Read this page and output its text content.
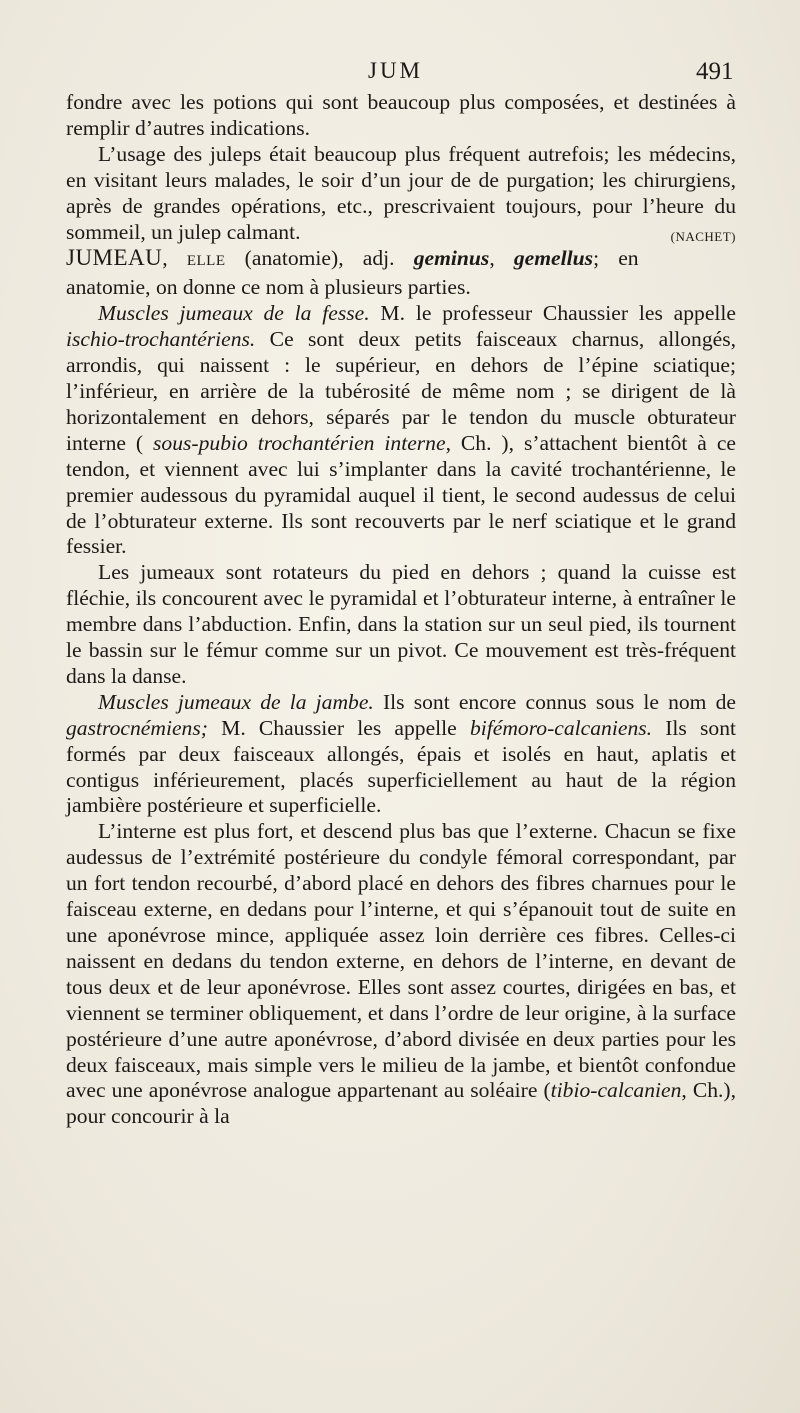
JUM	491

fondre avec les potions qui sont beaucoup plus composées, et destinées à remplir d’autres indications.

L’usage des juleps était beaucoup plus fréquent autrefois; les médecins, en visitant leurs malades, le soir d’un jour de de purgation; les chirurgiens, après de grandes opérations, etc., prescrivaient toujours, pour l’heure du sommeil, un julep calmant.	(NACHET)

JUMEAU, ELLE (anatomie), adj. geminus, gemellus; en anatomie, on donne ce nom à plusieurs parties.

Muscles jumeaux de la fesse. M. le professeur Chaussier les appelle ischio-trochantériens. Ce sont deux petits faisceaux charnus, allongés, arrondis, qui naissent : le supérieur, en dehors de l’épine sciatique; l’inférieur, en arrière de la tubérosité de même nom ; se dirigent de là horizontalement en dehors, séparés par le tendon du muscle obturateur interne ( sous-pubio trochantérien interne, Ch. ), s’attachent bientôt à ce tendon, et viennent avec lui s’implanter dans la cavité trochantérienne, le premier audessous du pyramidal auquel il tient, le second audessus de celui de l’obturateur externe. Ils sont recouverts par le nerf sciatique et le grand fessier.

Les jumeaux sont rotateurs du pied en dehors ; quand la cuisse est fléchie, ils concourent avec le pyramidal et l’obturateur interne, à entraîner le membre dans l’abduction. Enfin, dans la station sur un seul pied, ils tournent le bassin sur le fémur comme sur un pivot. Ce mouvement est très-fréquent dans la danse.

Muscles jumeaux de la jambe. Ils sont encore connus sous le nom de gastrocnémiens; M. Chaussier les appelle bifémoro-calcaniens. Ils sont formés par deux faisceaux allongés, épais et isolés en haut, aplatis et contigus inférieurement, placés superficiellement au haut de la région jambière postérieure et superficielle.

L’interne est plus fort, et descend plus bas que l’externe. Chacun se fixe audessus de l’extrémité postérieure du condyle fémoral correspondant, par un fort tendon recourbé, d’abord placé en dehors des fibres charnues pour le faisceau externe, en dedans pour l’interne, et qui s’épanouit tout de suite en une aponévrose mince, appliquée assez loin derrière ces fibres. Celles-ci naissent en dedans du tendon externe, en dehors de l’interne, en devant de tous deux et de leur aponévrose. Elles sont assez courtes, dirigées en bas, et viennent se terminer obliquement, et dans l’ordre de leur origine, à la surface postérieure d’une autre aponévrose, d’abord divisée en deux parties pour les deux faisceaux, mais simple vers le milieu de la jambe, et bientôt confondue avec une aponévrose analogue appartenant au soléaire (tibio-calcanien, Ch.), pour concourir à la
